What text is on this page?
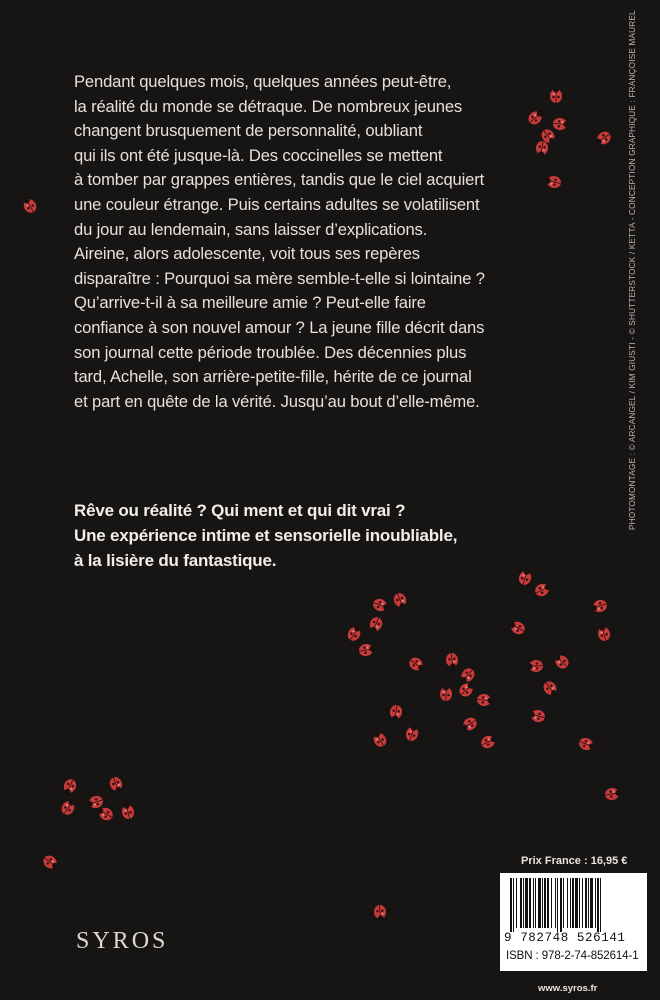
Pendant quelques mois, quelques années peut-être,
la réalité du monde se détraque. De nombreux jeunes
changent brusquement de personnalité, oubliant
qui ils ont été jusque-là. Des coccinelles se mettent
à tomber par grappes entières, tandis que le ciel acquiert
une couleur étrange. Puis certains adultes se volatilisent
du jour au lendemain, sans laisser d’explications.
Aireine, alors adolescente, voit tous ses repères
disparaître : Pourquoi sa mère semble-t-elle si lointaine ?
Qu’arrive-t-il à sa meilleure amie ? Peut-elle faire
confiance à son nouvel amour ? La jeune fille décrit dans
son journal cette période troublée. Des décennies plus
tard, Achelle, son arrière-petite-fille, hérite de ce journal
et part en quête de la vérité. Jusqu’au bout d’elle-même.
Rêve ou réalité ? Qui ment et qui dit vrai ?
Une expérience intime et sensorielle inoubliable,
à la lisière du fantastique.
PHOTOMONTAGE : © ARCANGEL / KIM GIUSTI - © SHUTTERSTOCK / KETTA - CONCEPTION GRAPHIQUE : FRANÇOISE MAUREL
Prix France : 16,95 €
9 782748 526141
ISBN : 978-2-74-852614-1
www.syros.fr
SYROS
